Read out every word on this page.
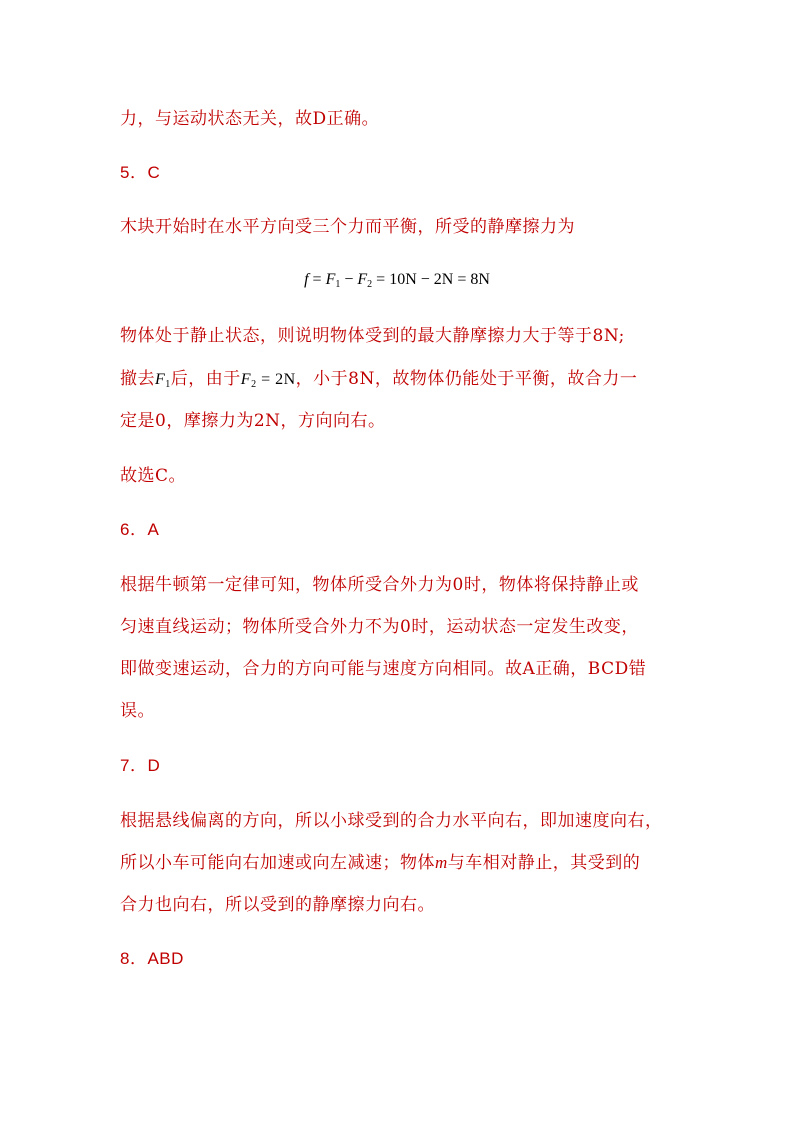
力，与运动状态无关，故D正确。
5．C
木块开始时在水平方向受三个力而平衡，所受的静摩擦力为
$f = F_1 - F_2 = 10N - 2N = 8N$
物体处于静止状态，则说明物体受到的最大静摩擦力大于等于8N;
撤去$F_1$后，由于$F_2 = 2N$，小于8N，故物体仍能处于平衡，故合力一
定是0，摩擦力为2N，方向向右。
故选C。
6．A
根据牛顿第一定律可知，物体所受合外力为0时，物体将保持静止或
匀速直线运动；物体所受合外力不为0时，运动状态一定发生改变，
即做变速运动，合力的方向可能与速度方向相同。故A正确，BCD错
误。
7．D
根据悬线偏离的方向，所以小球受到的合力水平向右，即加速度向右，
所以小车可能向右加速或向左减速；物体m与车相对静止，其受到的
合力也向右，所以受到的静摩擦力向右。
8．ABD
